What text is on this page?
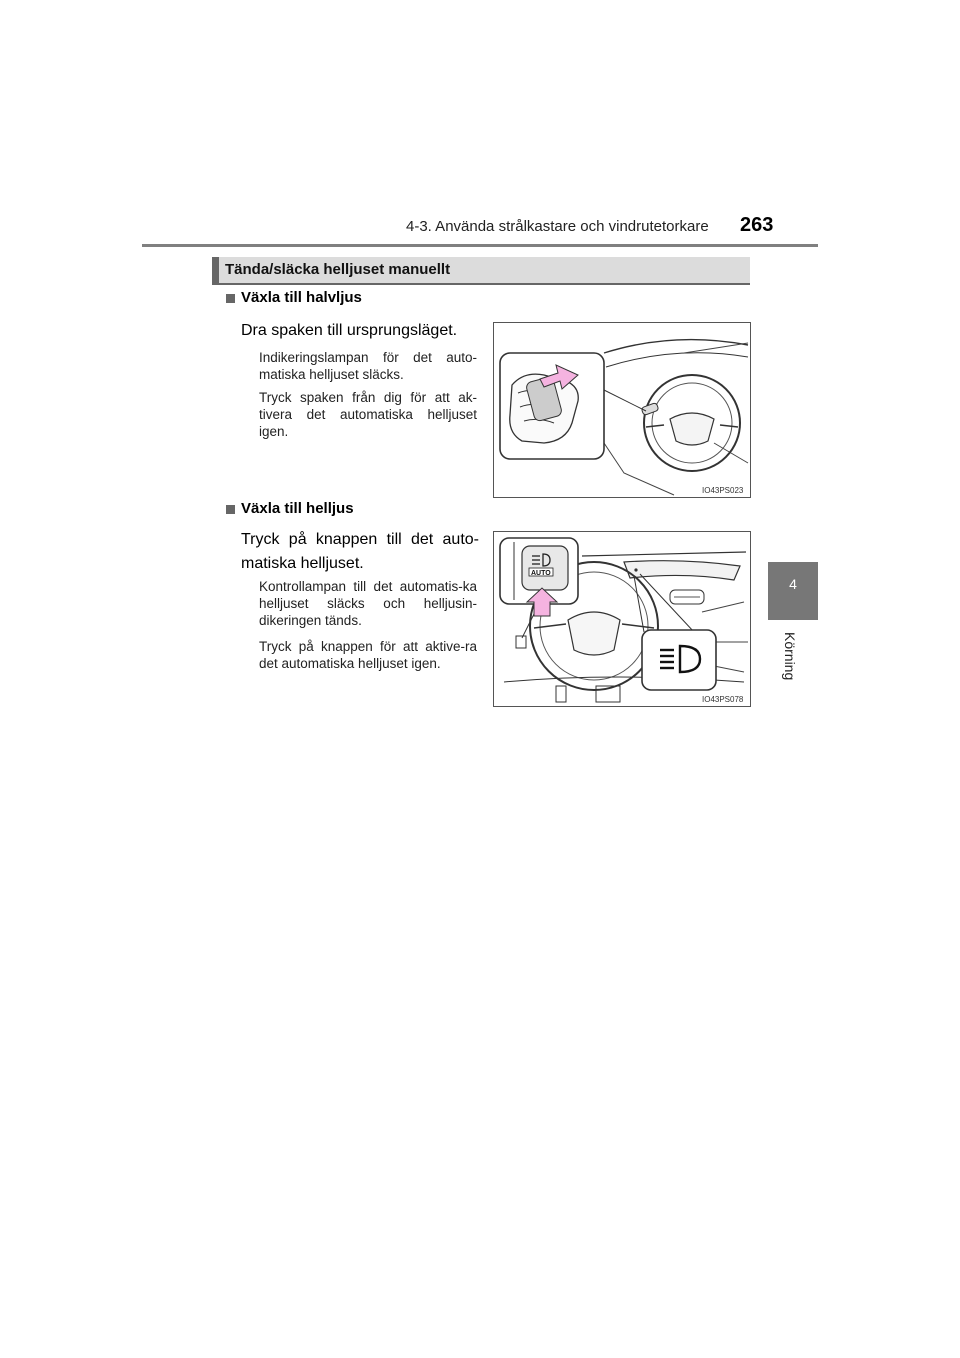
4-3. Använda strålkastare och vindrutetorkare 263
4
Körning
Tända/släcka helljuset manuellt
Växla till halvljus
Dra spaken till ursprungsläget.
Indikeringslampan för det auto-matiska helljuset släcks.
Tryck spaken från dig för att ak-tivera det automatiska helljuset igen.
IO43PS023
Växla till helljus
Tryck på knappen till det auto-matiska helljuset.
Kontrollampan till det automatis-ka helljuset släcks och helljusin-dikeringen tänds.
Tryck på knappen för att aktive-ra det automatiska helljuset igen.
AUTO
IO43PS078
